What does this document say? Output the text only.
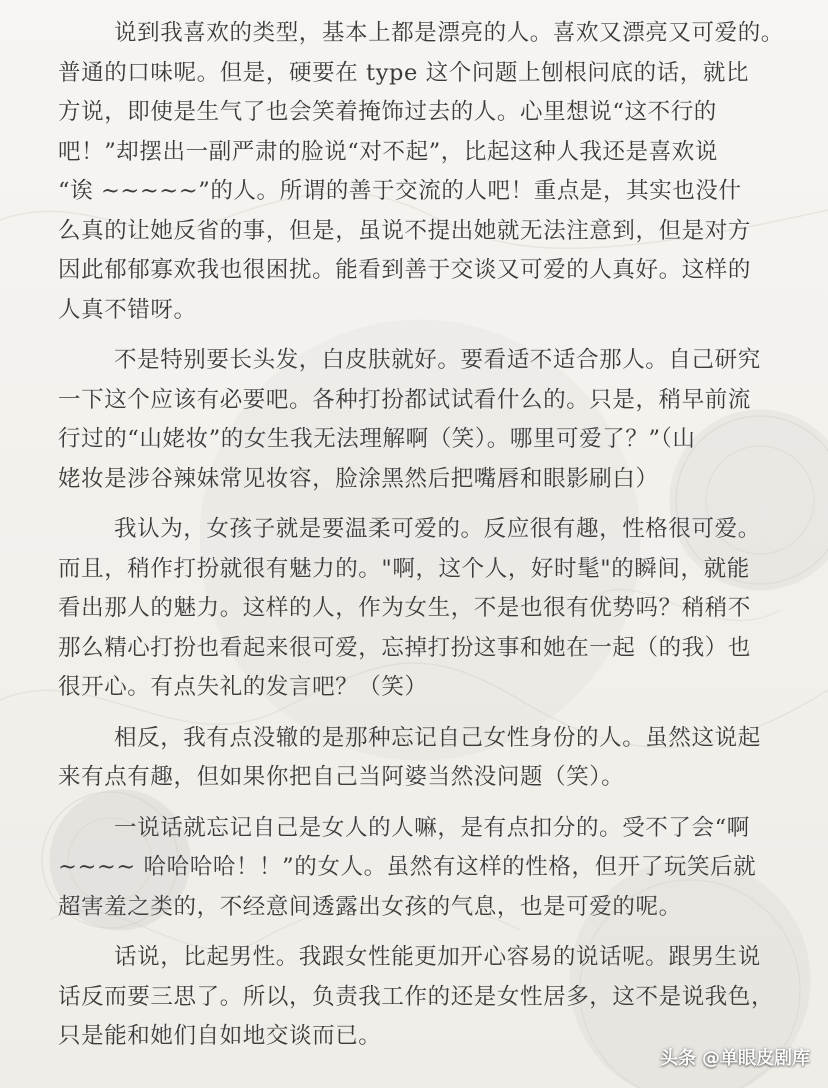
说到我喜欢的类型，基本上都是漂亮的人。喜欢又漂亮又可爱的。
普通的口味呢。但是，硬要在 type 这个问题上刨根问底的话，就比
方说，即使是生气了也会笑着掩饰过去的人。心里想说“这不行的
吧！”却摆出一副严肃的脸说“对不起”，比起这种人我还是喜欢说
“诶 ~~~~~”的人。所谓的善于交流的人吧！重点是，其实也没什
么真的让她反省的事，但是，虽说不提出她就无法注意到，但是对方
因此郁郁寡欢我也很困扰。能看到善于交谈又可爱的人真好。这样的
人真不错呀。

不是特别要长头发，白皮肤就好。要看适不适合那人。自己研究
一下这个应该有必要吧。各种打扮都试试看什么的。只是，稍早前流
行过的“山姥妆”的女生我无法理解啊（笑）。哪里可爱了？”（山
姥妆是涉谷辣妹常见妆容，脸涂黑然后把嘴唇和眼影刷白）

我认为，女孩子就是要温柔可爱的。反应很有趣，性格很可爱。
而且，稍作打扮就很有魅力的。"啊，这个人，好时髦"的瞬间，就能
看出那人的魅力。这样的人，作为女生，不是也很有优势吗？稍稍不
那么精心打扮也看起来很可爱，忘掉打扮这事和她在一起（的我）也
很开心。有点失礼的发言吧？（笑）

相反，我有点没辙的是那种忘记自己女性身份的人。虽然这说起
来有点有趣，但如果你把自己当阿婆当然没问题（笑）。

一说话就忘记自己是女人的人嘛，是有点扣分的。受不了会“啊
~~~~ 哈哈哈哈！！”的女人。虽然有这样的性格，但开了玩笑后就
超害羞之类的，不经意间透露出女孩的气息，也是可爱的呢。

话说，比起男性。我跟女性能更加开心容易的说话呢。跟男生说
话反而要三思了。所以，负责我工作的还是女性居多，这不是说我色，
只是能和她们自如地交谈而已。

头条 @单眼皮剧库
